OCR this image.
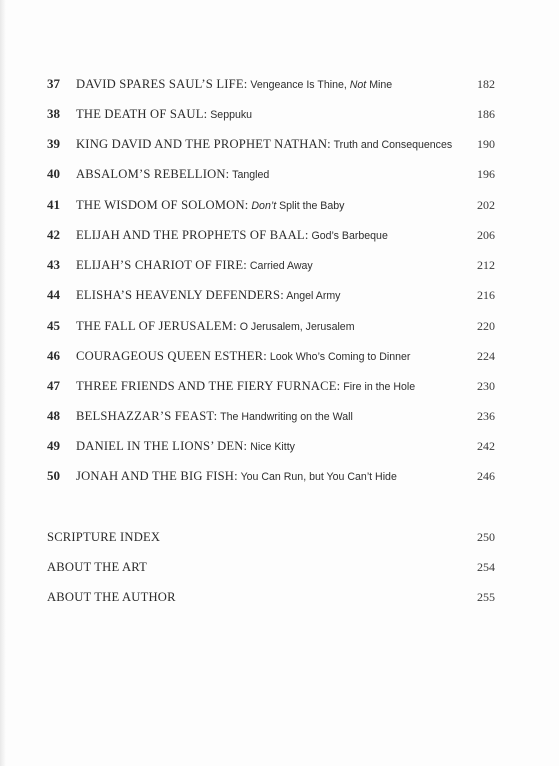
37	DAVID SPARES SAUL’S LIFE: Vengeance Is Thine, Not Mine	182
38	THE DEATH OF SAUL: Seppuku	186
39	KING DAVID AND THE PROPHET NATHAN: Truth and Consequences 190
40	ABSALOM’S REBELLION: Tangled	196
41	THE WISDOM OF SOLOMON: Don’t Split the Baby	202
42	ELIJAH AND THE PROPHETS OF BAAL: God’s Barbeque	206
43	ELIJAH’S CHARIOT OF FIRE: Carried Away	212
44	ELISHA’S HEAVENLY DEFENDERS: Angel Army	216
45	THE FALL OF JERUSALEM: O Jerusalem, Jerusalem	220
46	COURAGEOUS QUEEN ESTHER: Look Who’s Coming to Dinner	224
47	THREE FRIENDS AND THE FIERY FURNACE: Fire in the Hole	230
48	BELSHAZZAR’S FEAST: The Handwriting on the Wall	236
49	DANIEL IN THE LIONS’ DEN: Nice Kitty	242
50	JONAH AND THE BIG FISH: You Can Run, but You Can’t Hide	246
SCRIPTURE INDEX	250
ABOUT THE ART	254
ABOUT THE AUTHOR	255
